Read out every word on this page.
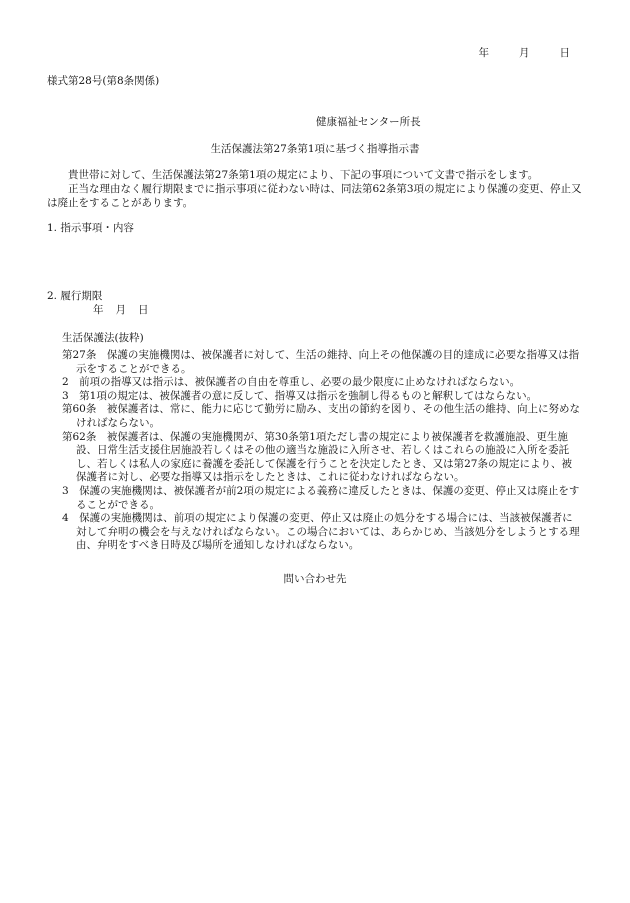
年	月	日
様式第28号(第8条関係)
健康福祉センター所長
生活保護法第27条第1項に基づく指導指示書

貴世帯に対して、生活保護法第27条第1項の規定により、下記の事項について文書で指示をします。

正当な理由なく履行期限までに指示事項に従わない時は、同法第62条第3項の規定により保護の変更、停止又は廃止をすることがあります。

1. 指示事項・内容
2. 履行期限
年 月 日
生活保護法(抜粋)

第27条　保護の実施機関は、被保護者に対して、生活の維持、向上その他保護の目的達成に必要な指導又は指示をすることができる。

2　前項の指導又は指示は、被保護者の自由を尊重し、必要の最少限度に止めなければならない。

3　第1項の規定は、被保護者の意に反して、指導又は指示を強制し得るものと解釈してはならない。

第60条　被保護者は、常に、能力に応じて勤労に励み、支出の節約を図り、その他生活の維持、向上に努めなければならない。

第62条　被保護者は、保護の実施機関が、第30条第1項ただし書の規定により被保護者を救護施設、更生施設、日常生活支援住居施設若しくはその他の適当な施設に入所させ、若しくはこれらの施設に入所を委託し、若しくは私人の家庭に養護を委託して保護を行うことを決定したとき、又は第27条の規定により、被保護者に対し、必要な指導又は指示をしたときは、これに従わなければならない。

3　保護の実施機関は、被保護者が前2項の規定による義務に違反したときは、保護の変更、停止又は廃止をすることができる。

4　保護の実施機関は、前項の規定により保護の変更、停止又は廃止の処分をする場合には、当該被保護者に対して弁明の機会を与えなければならない。この場合においては、あらかじめ、当該処分をしようとする理由、弁明をすべき日時及び場所を通知しなければならない。

問い合わせ先
